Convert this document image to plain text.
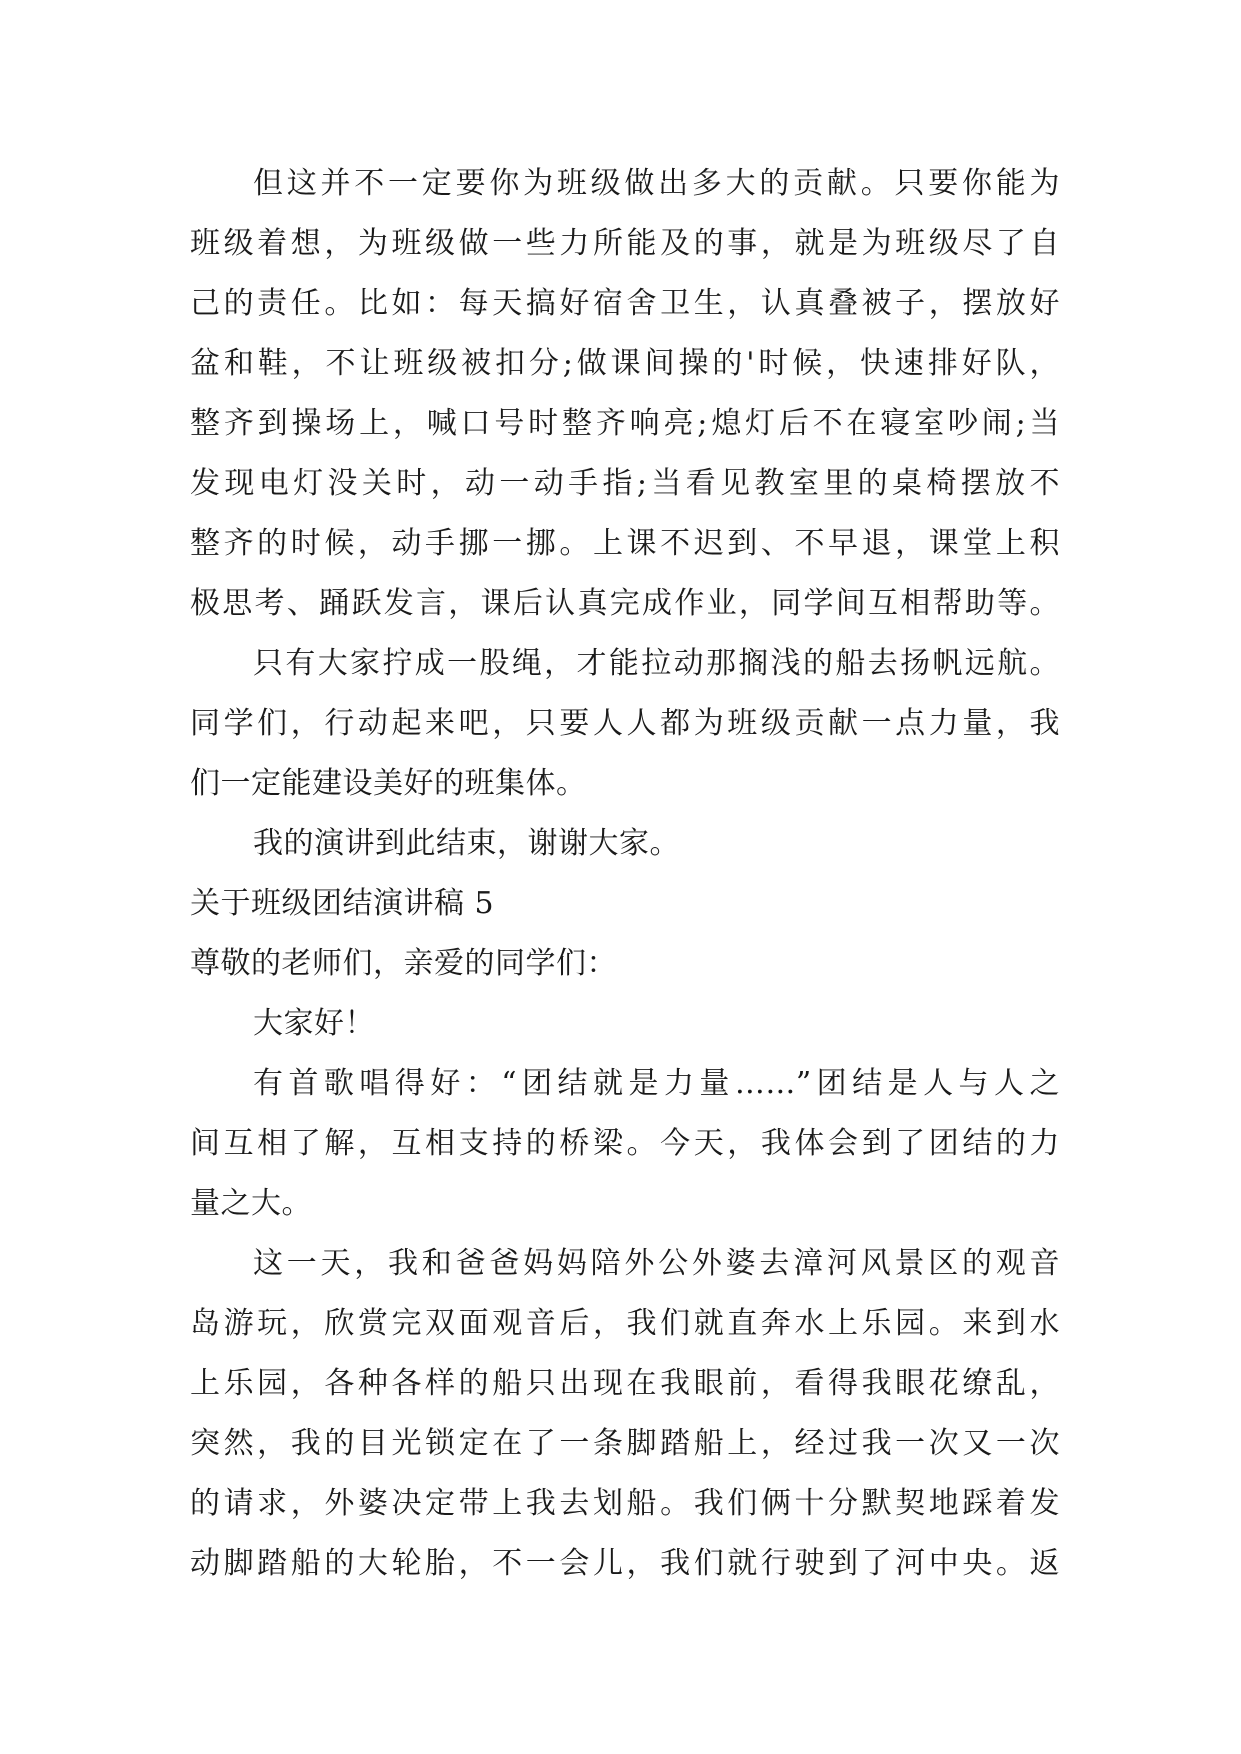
但这并不一定要你为班级做出多大的贡献。只要你能为
班级着想，为班级做一些力所能及的事，就是为班级尽了自
己的责任。比如：每天搞好宿舍卫生，认真叠被子，摆放好
盆和鞋，不让班级被扣分;做课间操的'时候，快速排好队，
整齐到操场上，喊口号时整齐响亮;熄灯后不在寝室吵闹;当
发现电灯没关时，动一动手指;当看见教室里的桌椅摆放不
整齐的时候，动手挪一挪。上课不迟到、不早退，课堂上积
极思考、踊跃发言，课后认真完成作业，同学间互相帮助等。
只有大家拧成一股绳，才能拉动那搁浅的船去扬帆远航。
同学们，行动起来吧，只要人人都为班级贡献一点力量，我
们一定能建设美好的班集体。
我的演讲到此结束，谢谢大家。
关于班级团结演讲稿 5
尊敬的老师们，亲爱的同学们：
大家好！
有首歌唱得好：“团结就是力量……”团结是人与人之
间互相了解，互相支持的桥梁。今天，我体会到了团结的力
量之大。
这一天，我和爸爸妈妈陪外公外婆去漳河风景区的观音
岛游玩，欣赏完双面观音后，我们就直奔水上乐园。来到水
上乐园，各种各样的船只出现在我眼前，看得我眼花缭乱，
突然，我的目光锁定在了一条脚踏船上，经过我一次又一次
的请求，外婆决定带上我去划船。我们俩十分默契地踩着发
动脚踏船的大轮胎，不一会儿，我们就行驶到了河中央。返
